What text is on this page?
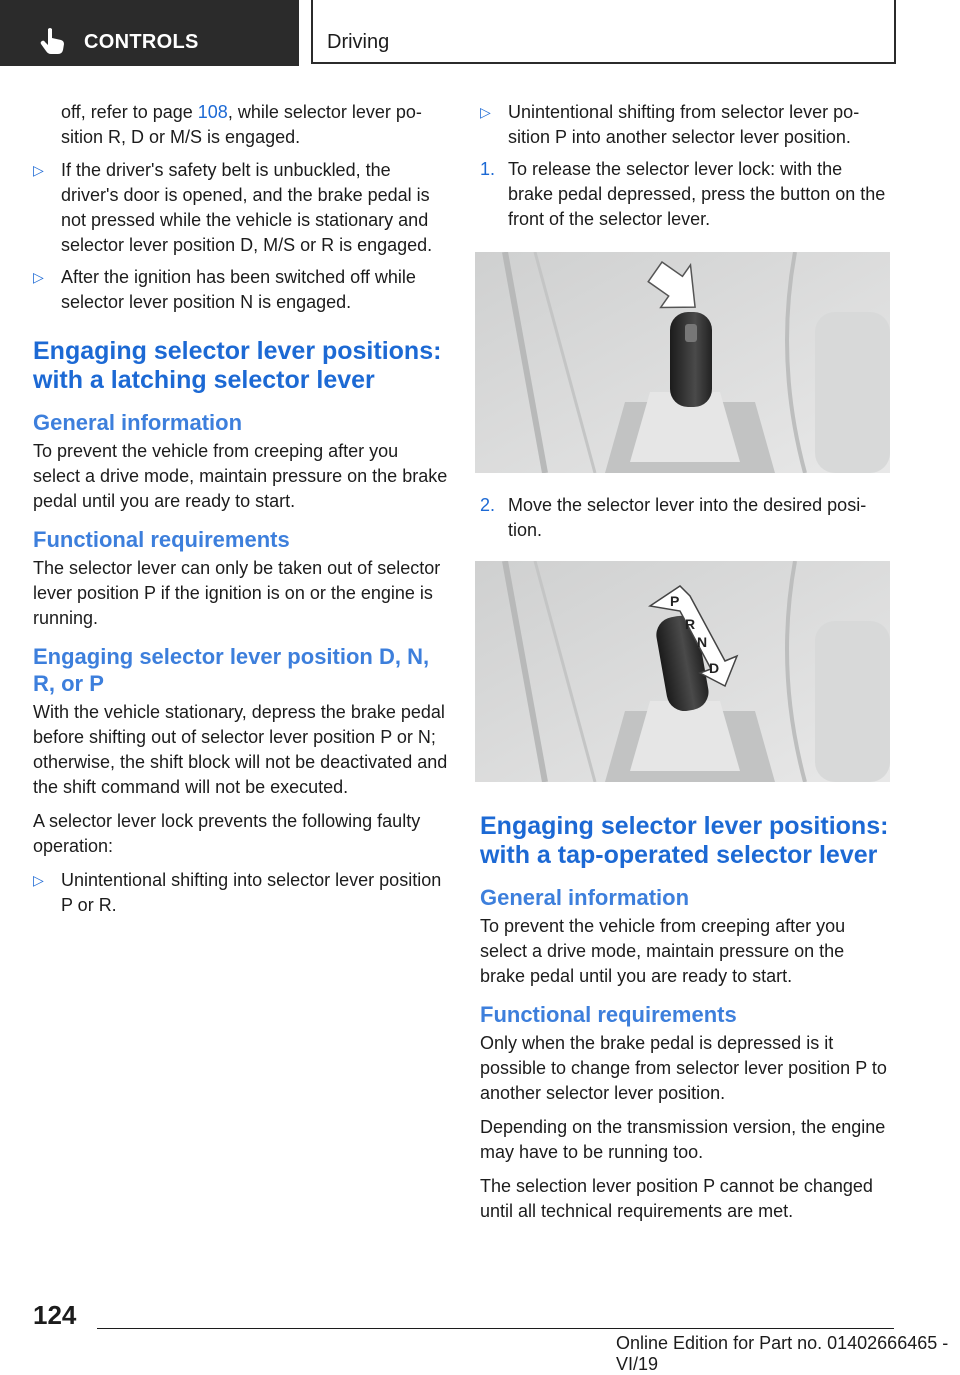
CONTROLS	Driving
off, refer to page 108, while selector lever position R, D or M/S is engaged.
▷ If the driver's safety belt is unbuckled, the driver's door is opened, and the brake pedal is not pressed while the vehicle is stationary and selector lever position D, M/S or R is engaged.
▷ After the ignition has been switched off while selector lever position N is engaged.
Engaging selector lever positions: with a latching selector lever
General information

To prevent the vehicle from creeping after you select a drive mode, maintain pressure on the brake pedal until you are ready to start.

Functional requirements

The selector lever can only be taken out of selector lever position P if the ignition is on or the engine is running.

Engaging selector lever position D, N, R, or P

With the vehicle stationary, depress the brake pedal before shifting out of selector lever position P or N; otherwise, the shift block will not be deactivated and the shift command will not be executed.

A selector lever lock prevents the following faulty operation:

▷ Unintentional shifting into selector lever position P or R.
▷ Unintentional shifting from selector lever position P into another selector lever position.
1. To release the selector lever lock: with the brake pedal depressed, press the button on the front of the selector lever.
2. Move the selector lever into the desired position.
P
R
N
D
Engaging selector lever positions: with a tap-operated selector lever
General information

To prevent the vehicle from creeping after you select a drive mode, maintain pressure on the brake pedal until you are ready to start.

Functional requirements

Only when the brake pedal is depressed is it possible to change from selector lever position P to another selector lever position.

Depending on the transmission version, the engine may have to be running too.

The selection lever position P cannot be changed until all technical requirements are met.

124
Online Edition for Part no. 01402666465 - VI/19
